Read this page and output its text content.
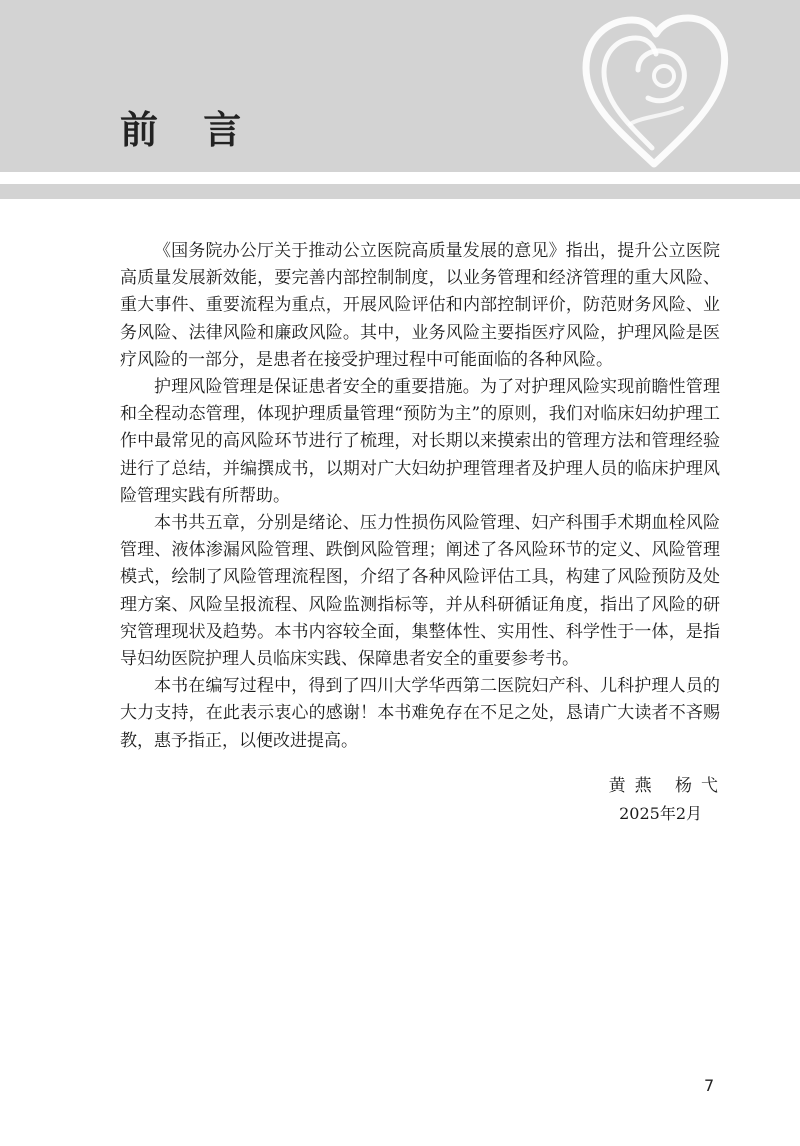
前 言

《国务院办公厅关于推动公立医院高质量发展的意见》指出，提升公立医院高质量发展新效能，要完善内部控制制度，以业务管理和经济管理的重大风险、重大事件、重要流程为重点，开展风险评估和内部控制评价，防范财务风险、业务风险、法律风险和廉政风险。其中，业务风险主要指医疗风险，护理风险是医疗风险的一部分，是患者在接受护理过程中可能面临的各种风险。

护理风险管理是保证患者安全的重要措施。为了对护理风险实现前瞻性管理和全程动态管理，体现护理质量管理“预防为主”的原则，我们对临床妇幼护理工作中最常见的高风险环节进行了梳理，对长期以来摸索出的管理方法和管理经验进行了总结，并编撰成书，以期对广大妇幼护理管理者及护理人员的临床护理风险管理实践有所帮助。

本书共五章，分别是绪论、压力性损伤风险管理、妇产科围手术期血栓风险管理、液体渗漏风险管理、跌倒风险管理；阐述了各风险环节的定义、风险管理模式，绘制了风险管理流程图，介绍了各种风险评估工具，构建了风险预防及处理方案、风险呈报流程、风险监测指标等，并从科研循证角度，指出了风险的研究管理现状及趋势。本书内容较全面，集整体性、实用性、科学性于一体，是指导妇幼医院护理人员临床实践、保障患者安全的重要参考书。

本书在编写过程中，得到了四川大学华西第二医院妇产科、儿科护理人员的大力支持，在此表示衷心的感谢！本书难免存在不足之处，恳请广大读者不吝赐教，惠予指正，以便改进提高。

黄燕 杨弋
2025年2月
7
